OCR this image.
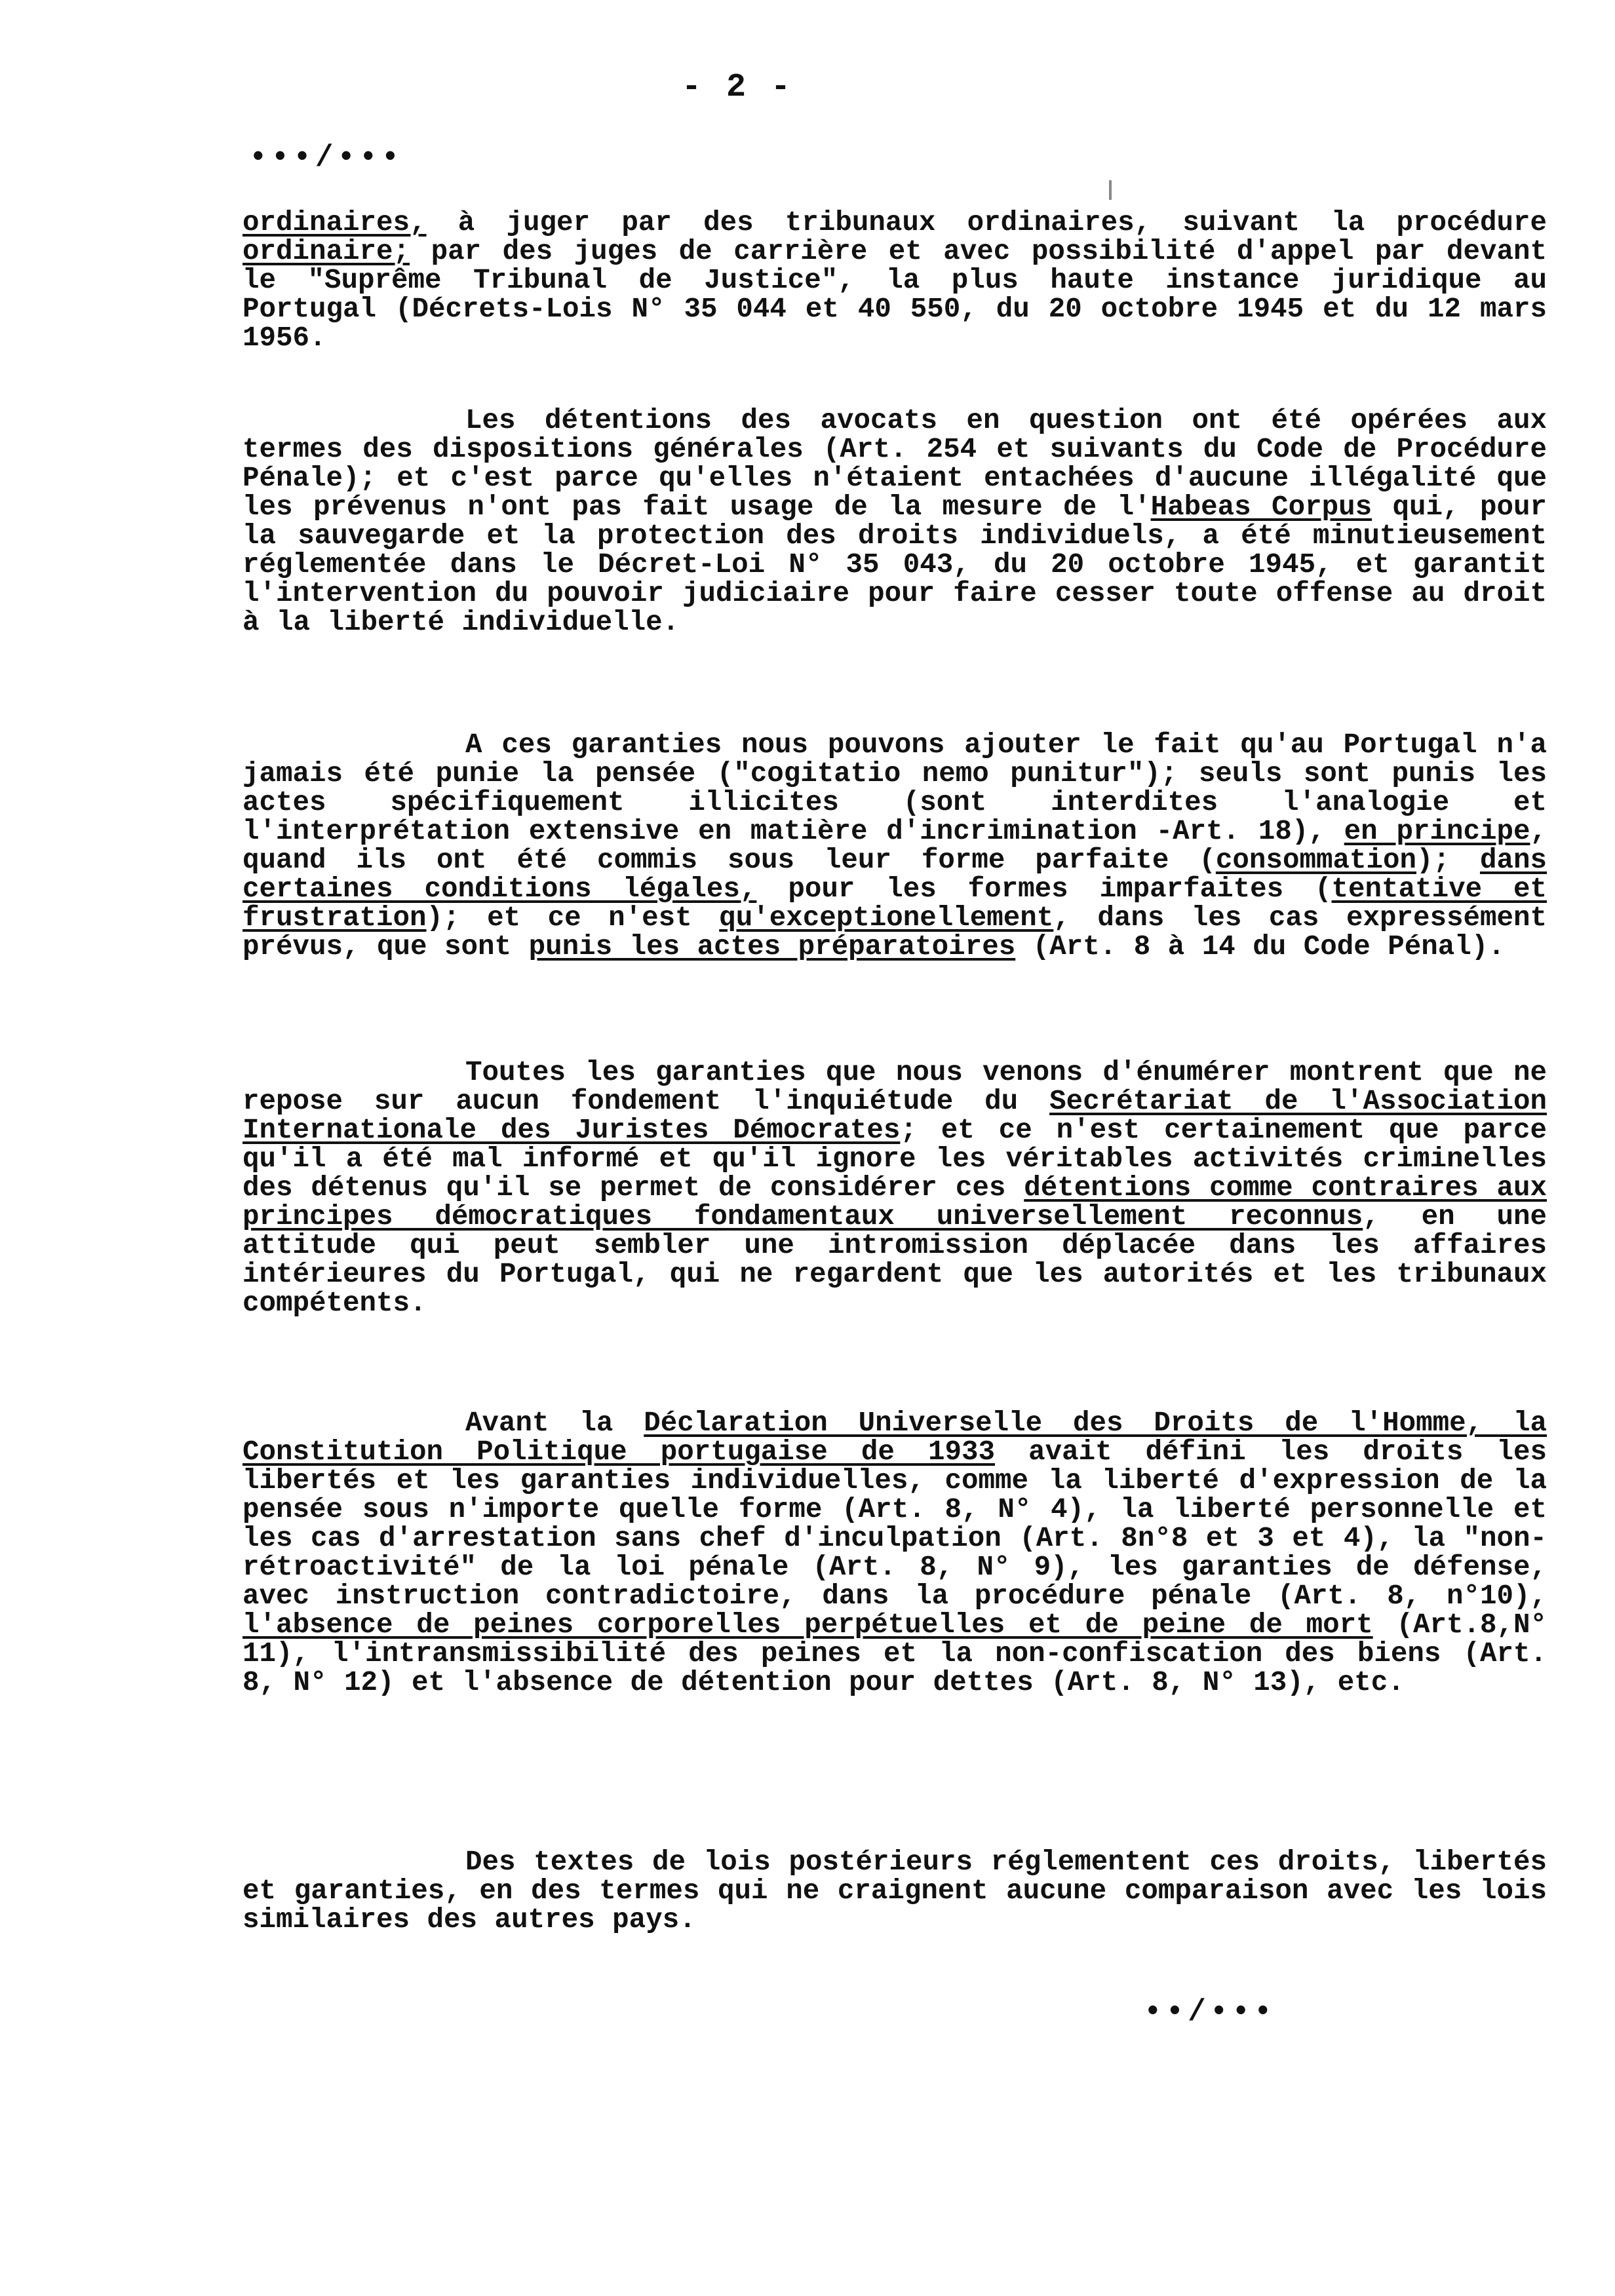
- 2 -
•••/•••
ordinaires, à juger par des tribunaux ordinaires, suivant la procédure ordinaire; par des juges de carrière et avec possibilité d'appel par devant le "Suprême Tribunal de Justice", la plus haute instance juridique au Portugal (Décrets-Lois N° 35 044 et 40 550, du 20 octobre 1945 et du 12 mars 1956.
Les détentions des avocats en question ont été opérées aux termes des dispositions générales (Art. 254 et suivants du Code de Procédure Pénale); et c'est parce qu'elles n'étaient entachées d'aucune illégalité que les prévenus n'ont pas fait usage de la mesure de l'Habeas Corpus qui, pour la sauvegarde et la protection des droits individuels, a été minutieusement réglementée dans le Décret-Loi N° 35 043, du 20 octobre 1945, et garantit l'intervention du pouvoir judiciaire pour faire cesser toute offense au droit à la liberté individuelle.
A ces garanties nous pouvons ajouter le fait qu'au Portugal n'a jamais été punie la pensée ("cogitatio nemo punitur"); seuls sont punis les actes spécifiquement illicites (sont interdites l'analogie et l'interprétation extensive en matière d'incrimination -Art. 18), en principe, quand ils ont été commis sous leur forme parfaite (consommation); dans certaines conditions légales, pour les formes imparfaites (tentative et frustration); et ce n'est qu'exceptionellement, dans les cas expressément prévus, que sont punis les actes préparatoires (Art. 8 à 14 du Code Pénal).
Toutes les garanties que nous venons d'énumérer montrent que ne repose sur aucun fondement l'inquiétude du Secrétariat de l'Association Internationale des Juristes Démocrates; et ce n'est certainement que parce qu'il a été mal informé et qu'il ignore les véritables activités criminelles des détenus qu'il se permet de considérer ces détentions comme contraires aux principes démocratiques fondamentaux universellement reconnus, en une attitude qui peut sembler une intromission déplacée dans les affaires intérieures du Portugal, qui ne regardent que les autorités et les tribunaux compétents.
Avant la Déclaration Universelle des Droits de l'Homme, la Constitution Politique portugaise de 1933 avait défini les droits les libertés et les garanties individuelles, comme la liberté d'expression de la pensée sous n'importe quelle forme (Art. 8, N° 4), la liberté personnelle et les cas d'arrestation sans chef d'inculpation (Art. 8n°8 et 3 et 4), la "non-rétroactivité" de la loi pénale (Art. 8, N° 9), les garanties de défense, avec instruction contradictoire, dans la procédure pénale (Art. 8, n°10), l'absence de peines corporelles perpétuelles et de peine de mort (Art.8,N° 11), l'intransmissibilité des peines et la non-confiscation des biens (Art. 8, N° 12) et l'absence de détention pour dettes (Art. 8, N° 13), etc.
Des textes de lois postérieurs réglementent ces droits, libertés et garanties, en des termes qui ne craignent aucune comparaison avec les lois similaires des autres pays.
••/•••
